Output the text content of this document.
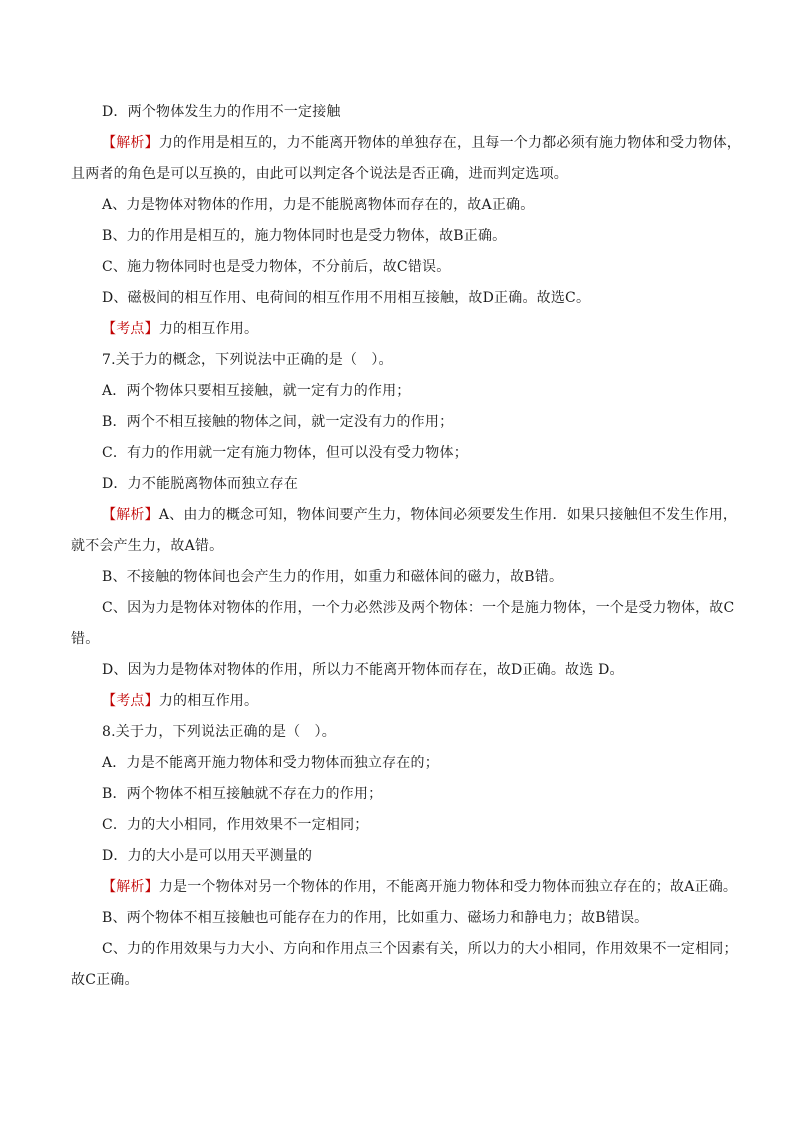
D．两个物体发生力的作用不一定接触
【解析】力的作用是相互的，力不能离开物体的单独存在，且每一个力都必须有施力物体和受力物体，
且两者的角色是可以互换的，由此可以判定各个说法是否正确，进而判定选项。
A、力是物体对物体的作用，力是不能脱离物体而存在的，故A正确。
B、力的作用是相互的，施力物体同时也是受力物体，故B正确。
C、施力物体同时也是受力物体，不分前后，故C错误。
D、磁极间的相互作用、电荷间的相互作用不用相互接触，故D正确。故选C。
【考点】力的相互作用。
7.关于力的概念，下列说法中正确的是（　）。
A．两个物体只要相互接触，就一定有力的作用；
B．两个不相互接触的物体之间，就一定没有力的作用；
C．有力的作用就一定有施力物体，但可以没有受力物体；
D．力不能脱离物体而独立存在
【解析】A、由力的概念可知，物体间要产生力，物体间必须要发生作用．如果只接触但不发生作用，
就不会产生力，故A错。
B、不接触的物体间也会产生力的作用，如重力和磁体间的磁力，故B错。
C、因为力是物体对物体的作用，一个力必然涉及两个物体：一个是施力物体，一个是受力物体，故C
错。
D、因为力是物体对物体的作用，所以力不能离开物体而存在，故D正确。故选 D。
【考点】力的相互作用。
8.关于力，下列说法正确的是（　）。
A．力是不能离开施力物体和受力物体而独立存在的；
B．两个物体不相互接触就不存在力的作用；
C．力的大小相同，作用效果不一定相同；
D．力的大小是可以用天平测量的
【解析】力是一个物体对另一个物体的作用，不能离开施力物体和受力物体而独立存在的；故A正确。
B、两个物体不相互接触也可能存在力的作用，比如重力、磁场力和静电力；故B错误。
C、力的作用效果与力大小、方向和作用点三个因素有关，所以力的大小相同，作用效果不一定相同；
故C正确。
